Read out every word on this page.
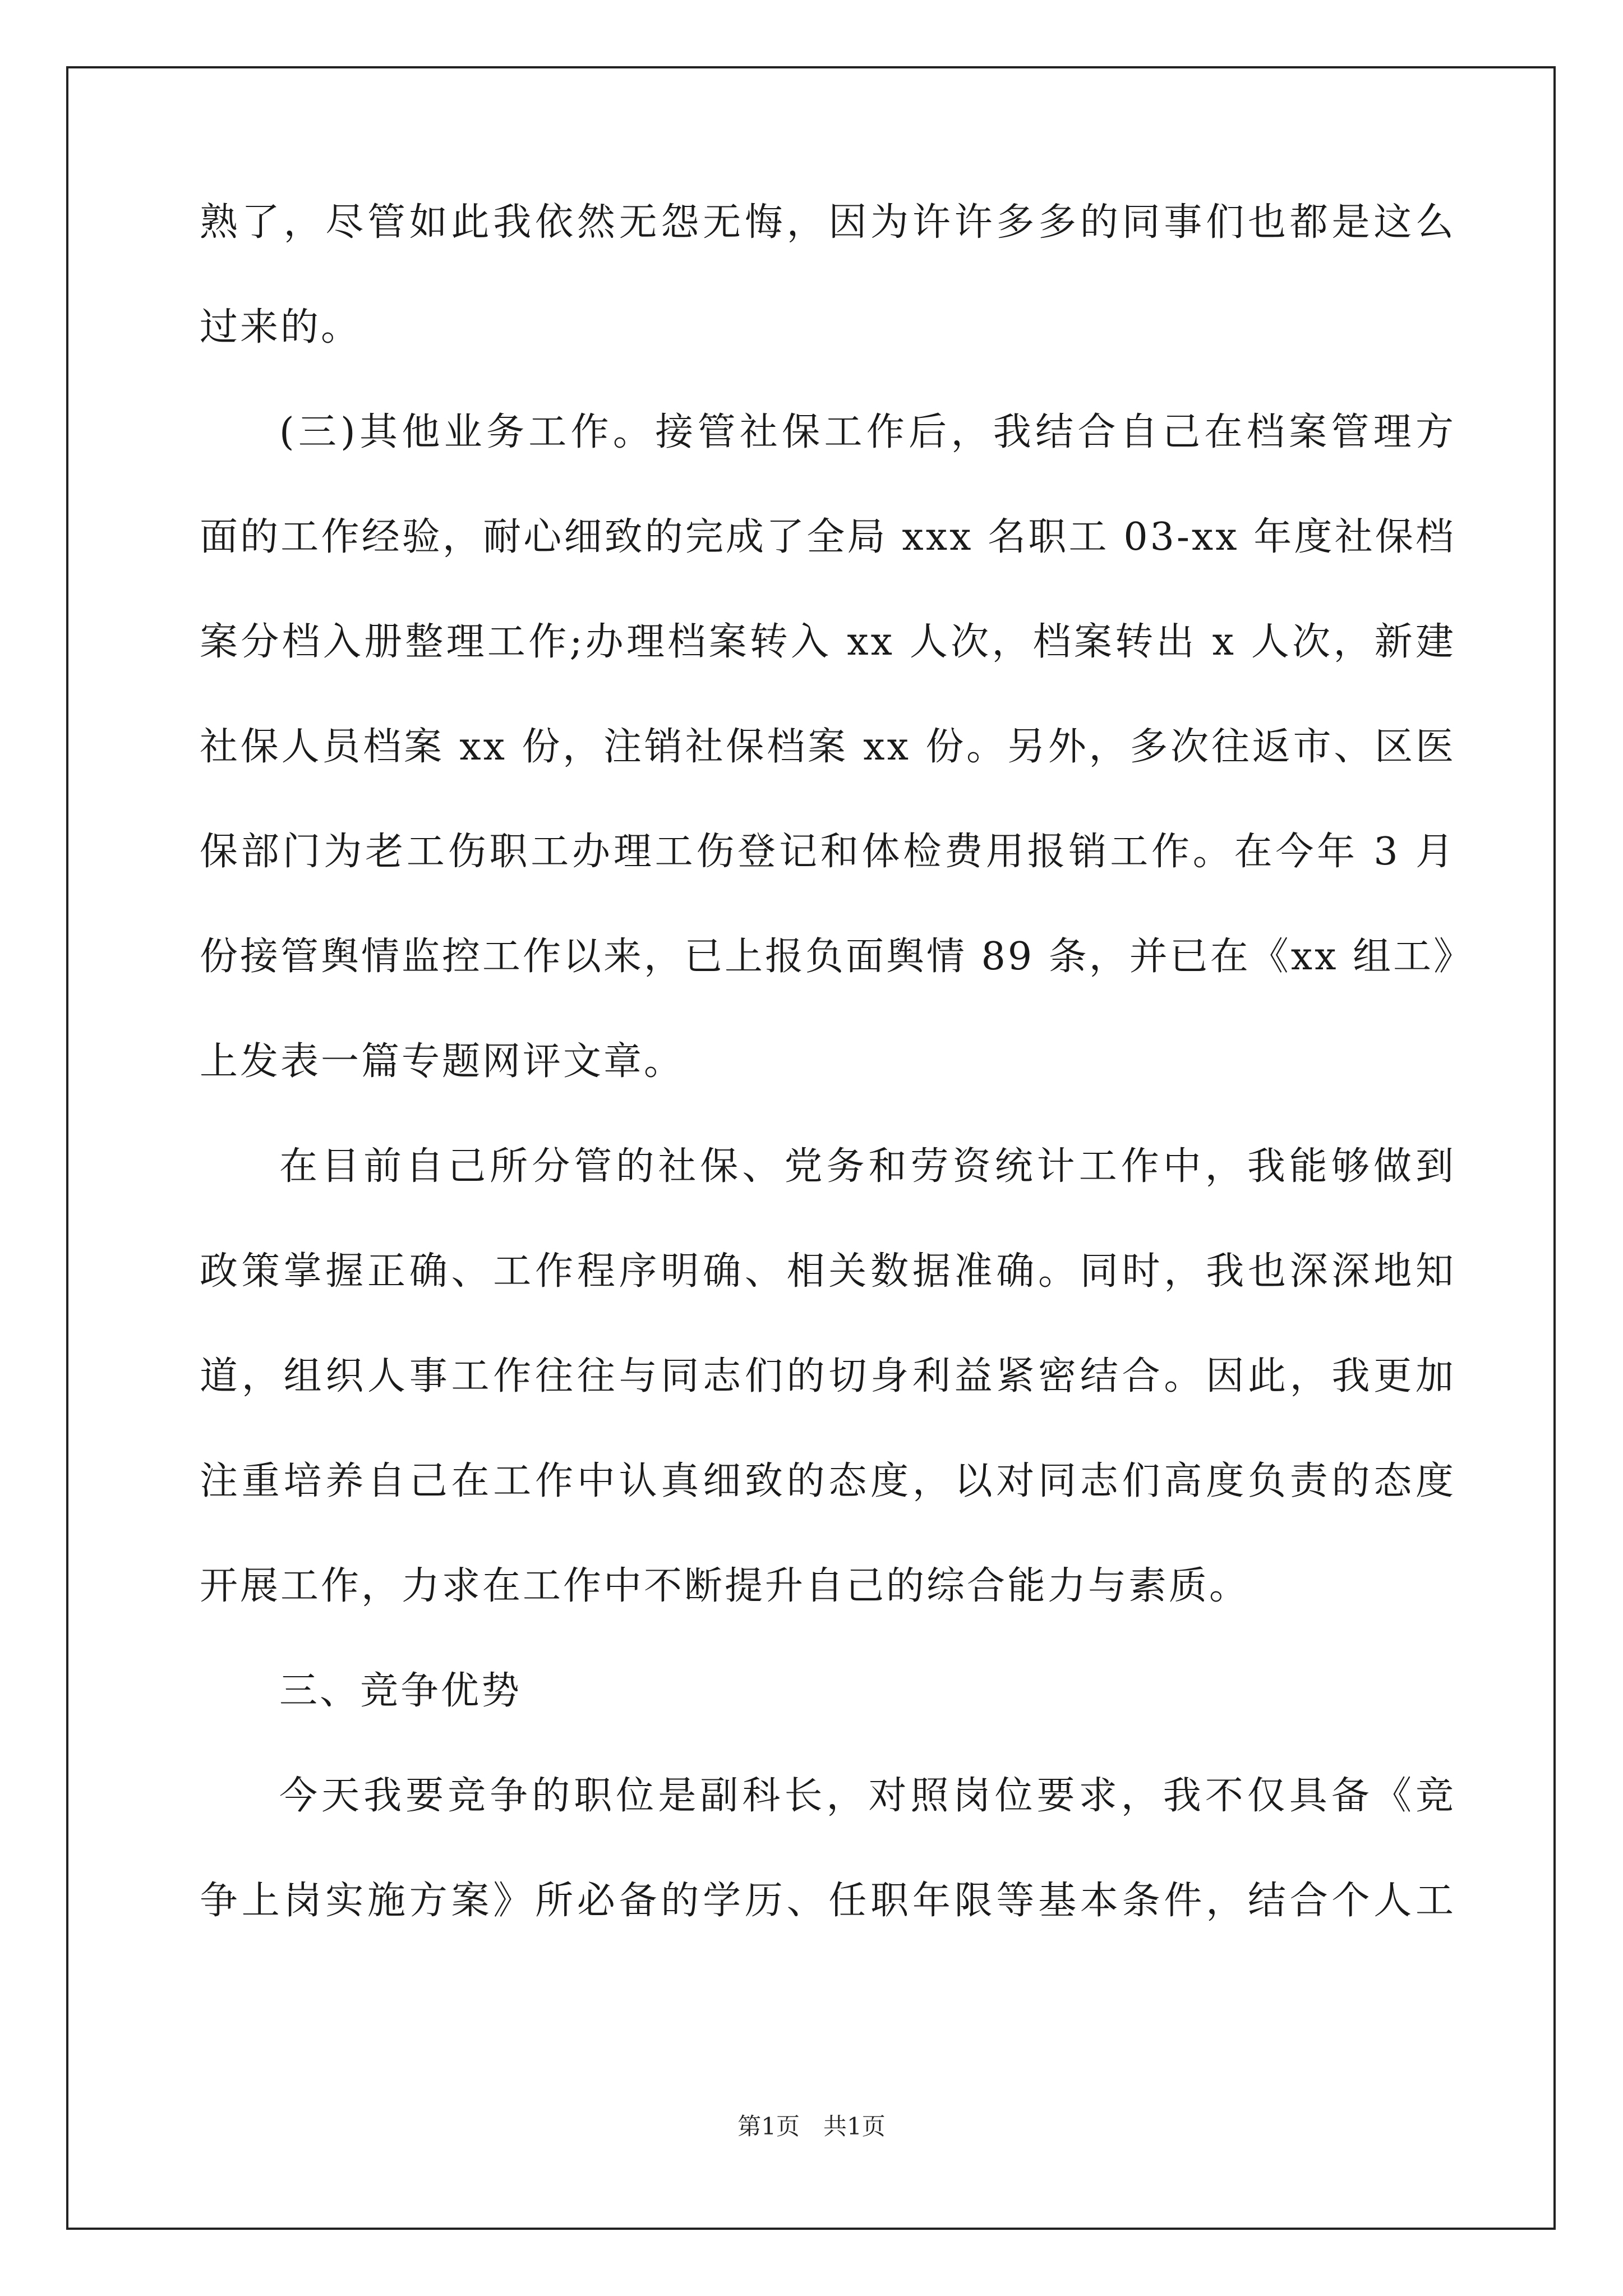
熟了，尽管如此我依然无怨无悔，因为许许多多的同事们也都是这么
过来的。
(三)其他业务工作。接管社保工作后，我结合自己在档案管理方
面的工作经验，耐心细致的完成了全局 xxx 名职工 03-xx 年度社保档
案分档入册整理工作;办理档案转入 xx 人次，档案转出 x 人次，新建
社保人员档案 xx 份，注销社保档案 xx 份。另外，多次往返市、区医
保部门为老工伤职工办理工伤登记和体检费用报销工作。在今年 3 月
份接管舆情监控工作以来，已上报负面舆情 89 条，并已在《xx 组工》
上发表一篇专题网评文章。
在目前自己所分管的社保、党务和劳资统计工作中，我能够做到
政策掌握正确、工作程序明确、相关数据准确。同时，我也深深地知
道，组织人事工作往往与同志们的切身利益紧密结合。因此，我更加
注重培养自己在工作中认真细致的态度，以对同志们高度负责的态度
开展工作，力求在工作中不断提升自己的综合能力与素质。
三、竞争优势
今天我要竞争的职位是副科长，对照岗位要求，我不仅具备《竞
争上岗实施方案》所必备的学历、任职年限等基本条件，结合个人工
第1页　共1页
